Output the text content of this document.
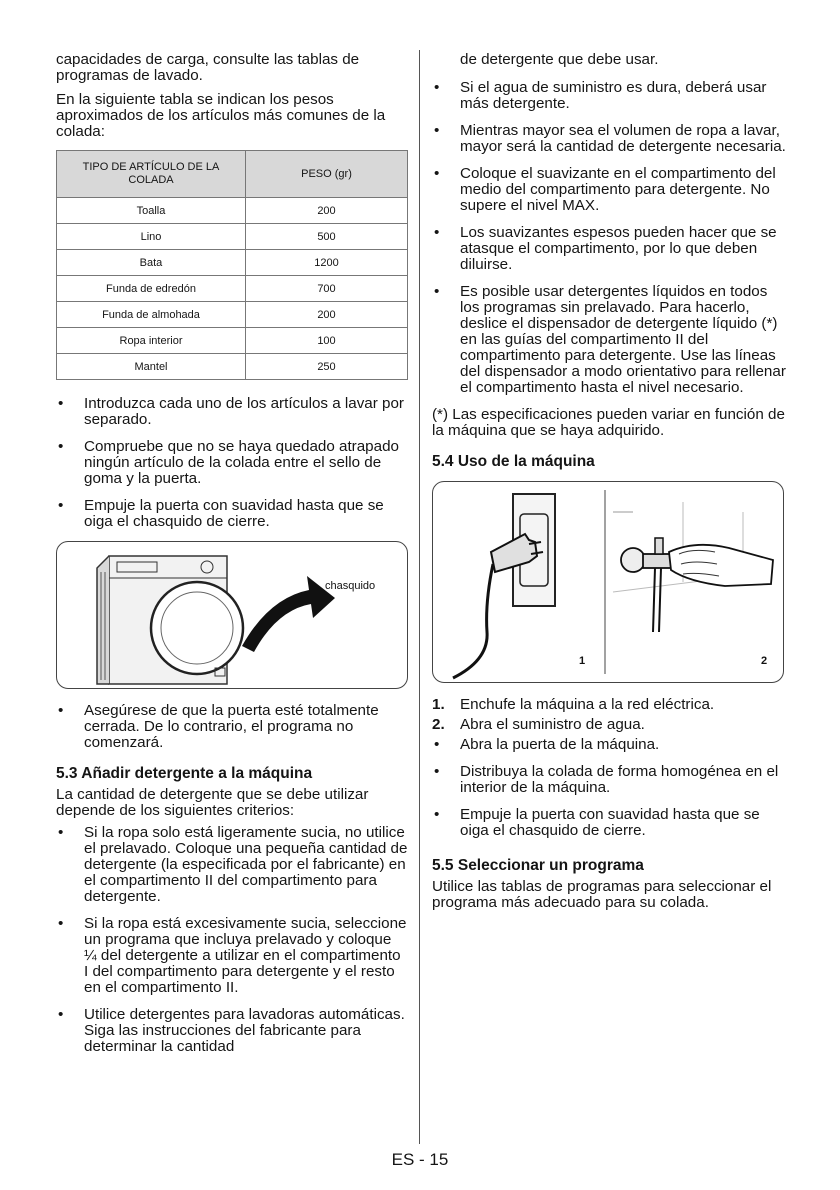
capacidades de carga, consulte las tablas de programas de lavado.

En la siguiente tabla se indican los pesos aproximados de los artículos más comunes de la colada:

TIPO DE ARTÍCULO DE LA COLADA	PESO (gr)
Toalla	200
Lino	500
Bata	1200
Funda de edredón	700
Funda de almohada	200
Ropa interior	100
Mantel	250
• Introduzca cada uno de los artículos a lavar por separado.
• Compruebe que no se haya quedado atrapado ningún artículo de la colada entre el sello de goma y la puerta.
• Empuje la puerta con suavidad hasta que se oiga el chasquido de cierre.
chasquido
• Asegúrese de que la puerta esté totalmente cerrada. De lo contrario, el programa no comenzará.
5.3 Añadir detergente a la máquina

La cantidad de detergente que se debe utilizar depende de los siguientes criterios:

• Si la ropa solo está ligeramente sucia, no utilice el prelavado. Coloque una pequeña cantidad de detergente (la especificada por el fabricante) en el compartimento II del compartimento para detergente.
• Si la ropa está excesivamente sucia, seleccione un programa que incluya prelavado y coloque ¼ del detergente a utilizar en el compartimento I del compartimento para detergente y el resto en el compartimento II.
• Utilice detergentes para lavadoras automáticas. Siga las instrucciones del fabricante para determinar la cantidad

de detergente que debe usar.

• Si el agua de suministro es dura, deberá usar más detergente.
• Mientras mayor sea el volumen de ropa a lavar, mayor será la cantidad de detergente necesaria.
• Coloque el suavizante en el compartimento del medio del compartimento para detergente. No supere el nivel MAX.
• Los suavizantes espesos pueden hacer que se atasque el compartimento, por lo que deben diluirse.
• Es posible usar detergentes líquidos en todos los programas sin prelavado. Para hacerlo, deslice el dispensador de detergente líquido (*) en las guías del compartimento II del compartimento para detergente. Use las líneas del dispensador a modo orientativo para rellenar el compartimento hasta el nivel necesario.

(*) Las especificaciones pueden variar en función de la máquina que se haya adquirido.

5.4 Uso de la máquina
1	2
1. Enchufe la máquina a la red eléctrica.
2. Abra el suministro de agua.
• Abra la puerta de la máquina.
• Distribuya la colada de forma homogénea en el interior de la máquina.
• Empuje la puerta con suavidad hasta que se oiga el chasquido de cierre.
5.5 Seleccionar un programa

Utilice las tablas de programas para seleccionar el programa más adecuado para su colada.

ES - 15
